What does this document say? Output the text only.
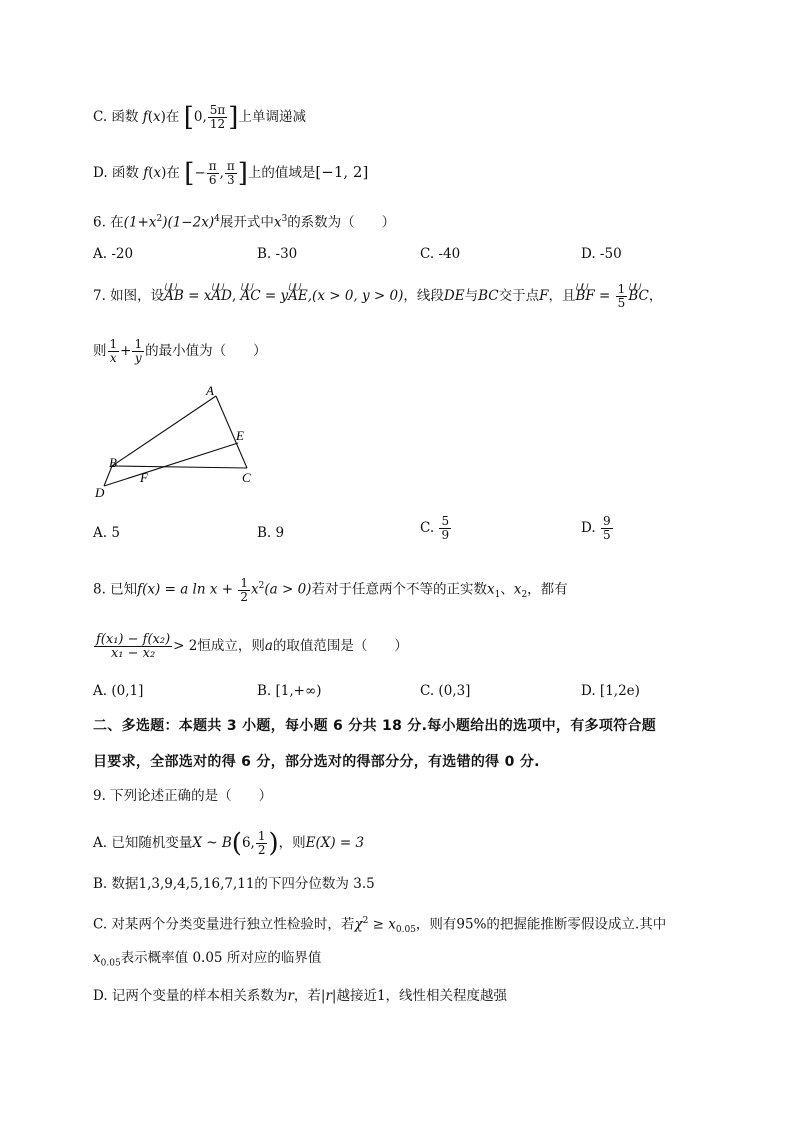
C. 函数 f(x)在 [0, $\frac{5\pi}{12}$ ]上单调递减
D. 函数 f(x)在 [− $\frac{\pi}{6}$ , $\frac{\pi}{3}$ ]上的值域是[−1, 2]
6. 在$(1+x^2)(1-2x)^4$展开式中$x^3$的系数为（　　）
A. -20	B. -30	C. -40	D. -50
7. 如图，设⋃⋃ AB = x⋃⋃ AD, ⋃⋃ AC = y⋃⋃ AE,(x > 0, y > 0)，线段DE与BC交于点F，且⋃⋃ BF = $\frac{1}{5}$
⋃⋃ BC，
则 $\frac{1}{x} + \frac{1}{y}$ 的最小值为（　　）
A
E
B
F	C
D
A. 5	B. 9	C. $\frac{5}{9}$	D. $\frac{9}{5}$
8. 已知f(x) = a $\ln x + \frac{1}{2} x^2(a > 0)$若对于任意两个不等的正实数$x_1$、$x_2$，都有
$\frac{\text{f(x₁) − f(x₂)}}{\text{x₁ − x₂}} > 2$恒成立，则a的取值范围是（　　）
A. (0,1]	B. [1,+∞)	C. (0,3]	D. [1,2e)
二、多选题：本题共 3 小题，每小题 6 分共 18 分.每小题给出的选项中，有多项符合题
目要求，全部选对的得 6 分，部分选对的得部分分，有选错的得 0 分.
9. 下列论述正确的是（　　）
A. 已知随机变量X ~ B(6, $\frac{1}{2}$ )，则E(X) = 3
B. 数据1,3,9,4,5,16,7,11的下四分位数为 3.5
C. 对某两个分类变量进行独立性检验时，若$\chi^2 \ge x_{0.05}$，则有95%的把握能推断零假设成立.其中
$x_{0.05}$表示概率值 0.05 所对应的临界值
D. 记两个变量的样本相关系数为r，若|r|越接近1，线性相关程度越强
